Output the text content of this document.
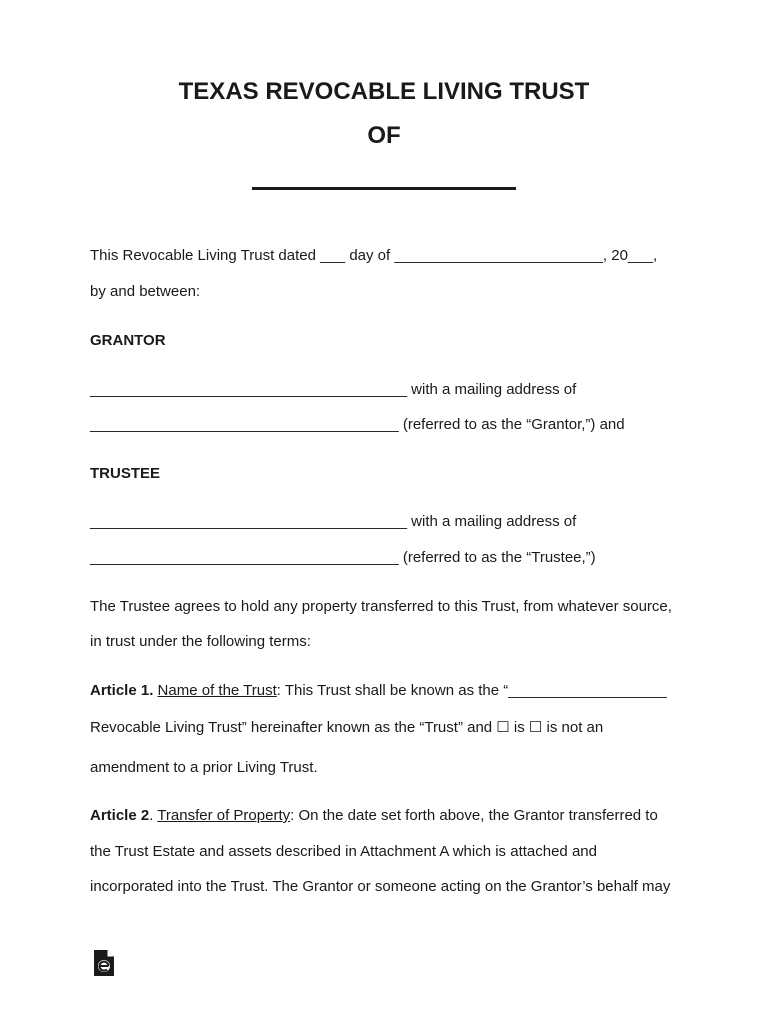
TEXAS REVOCABLE LIVING TRUST
OF

This Revocable Living Trust dated ___ day of _________________________, 20___,

by and between:

GRANTOR

______________________________________ with a mailing address of

_____________________________________ (referred to as the “Grantor,”) and

TRUSTEE

______________________________________ with a mailing address of

_____________________________________ (referred to as the “Trustee,”)

The Trustee agrees to hold any property transferred to this Trust, from whatever source,

in trust under the following terms:

Article 1. Name of the Trust: This Trust shall be known as the “___________________

Revocable Living Trust” hereinafter known as the “Trust” and ☐ is ☐ is not an

amendment to a prior Living Trust.

Article 2. Transfer of Property: On the date set forth above, the Grantor transferred to

the Trust Estate and assets described in Attachment A which is attached and

incorporated into the Trust. The Grantor or someone acting on the Grantor’s behalf may
